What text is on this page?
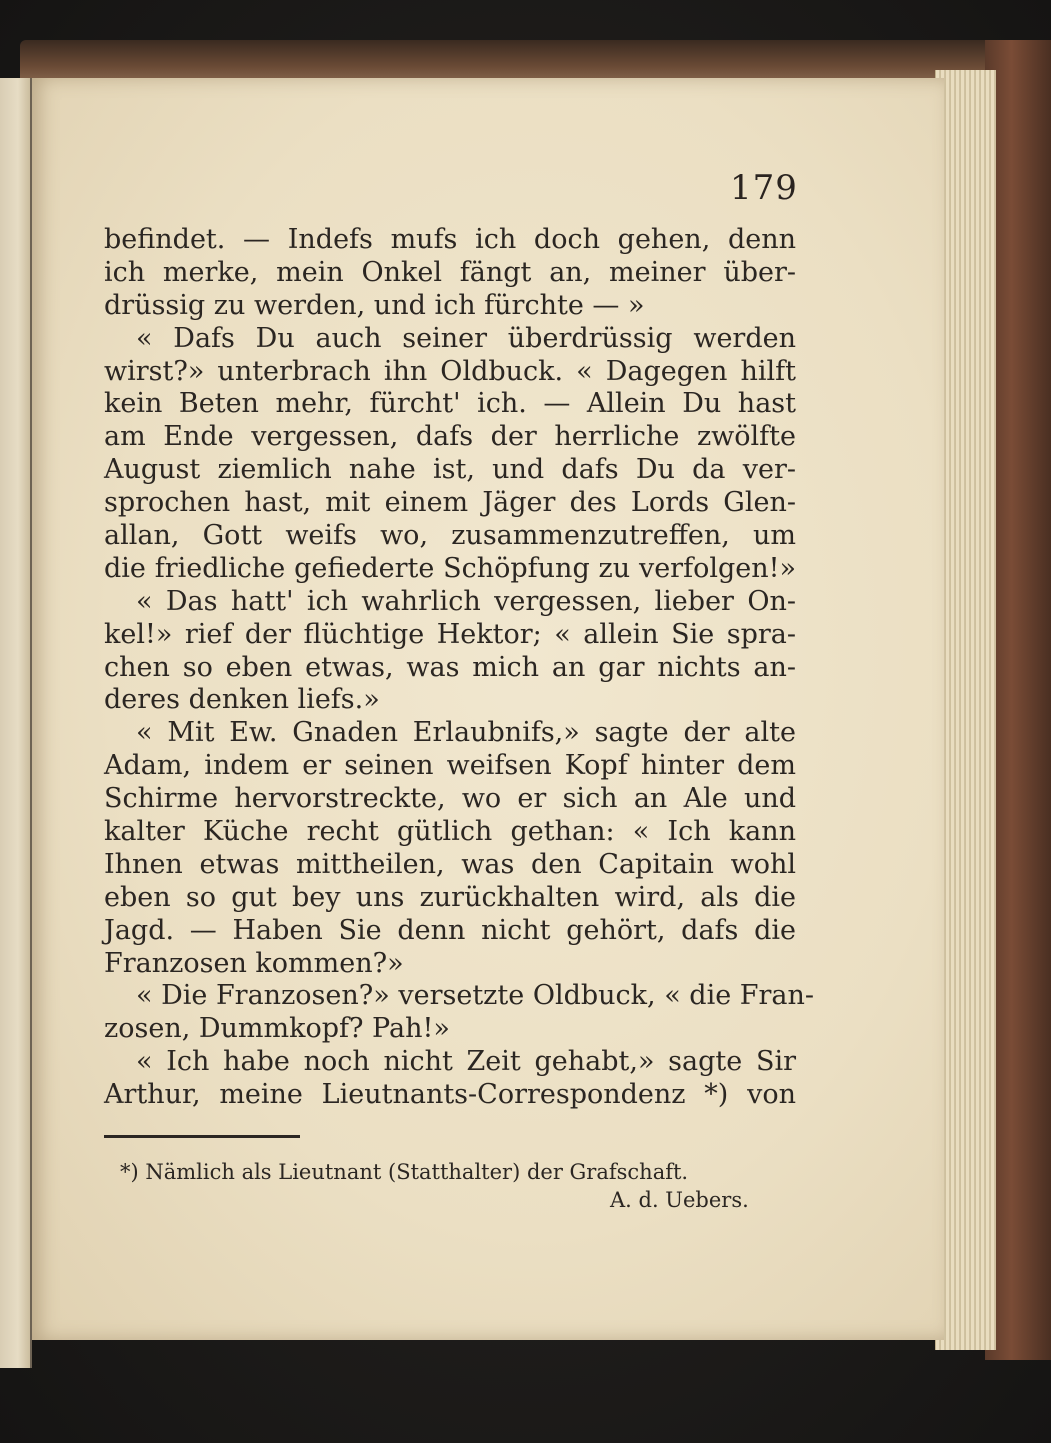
179
befindet. — Indefs mufs ich doch gehen, denn
ich merke, mein Onkel fängt an, meiner über-
drüssig zu werden, und ich fürchte — »
« Dafs Du auch seiner überdrüssig werden
wirst?» unterbrach ihn Oldbuck. « Dagegen hilft
kein Beten mehr, fürcht' ich. — Allein Du hast
am Ende vergessen, dafs der herrliche zwölfte
August ziemlich nahe ist, und dafs Du da ver-
sprochen hast, mit einem Jäger des Lords Glen-
allan, Gott weifs wo, zusammenzutreffen, um
die friedliche gefiederte Schöpfung zu verfolgen!»
« Das hatt' ich wahrlich vergessen, lieber On-
kel!» rief der flüchtige Hektor; « allein Sie spra-
chen so eben etwas, was mich an gar nichts an-
deres denken liefs.»
« Mit Ew. Gnaden Erlaubnifs,» sagte der alte
Adam, indem er seinen weifsen Kopf hinter dem
Schirme hervorstreckte, wo er sich an Ale und
kalter Küche recht gütlich gethan: « Ich kann
Ihnen etwas mittheilen, was den Capitain wohl
eben so gut bey uns zurückhalten wird, als die
Jagd. — Haben Sie denn nicht gehört, dafs die
Franzosen kommen?»
« Die Franzosen?» versetzte Oldbuck, « die Fran-
zosen, Dummkopf? Pah!»
« Ich habe noch nicht Zeit gehabt,» sagte Sir
Arthur, meine Lieutnants-Correspondenz *) von
*) Nämlich als Lieutnant (Statthalter) der Grafschaft.
A. d. Uebers.
